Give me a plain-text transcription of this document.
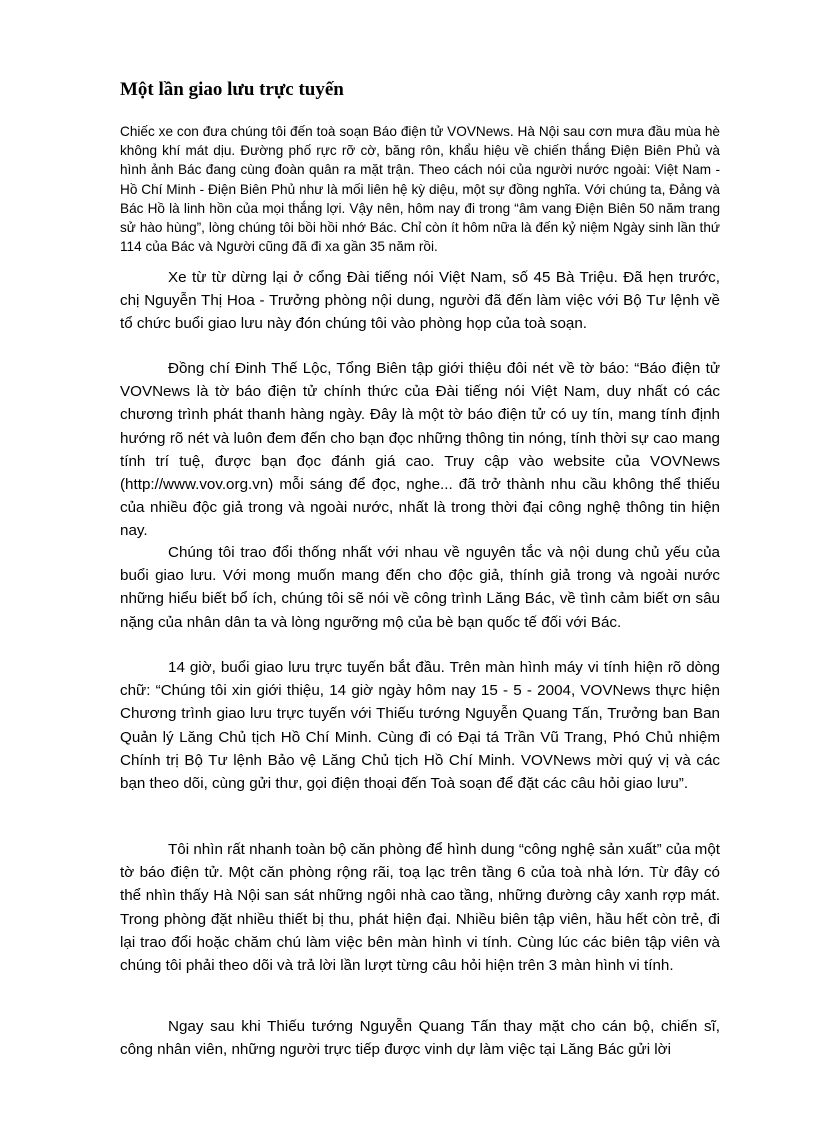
Một lần giao lưu trực tuyến

Chiếc xe con đưa chúng tôi đến toà soạn Báo điện tử VOVNews. Hà Nội sau cơn mưa đầu mùa hè không khí mát dịu. Đường phố rực rỡ cờ, băng rôn, khẩu hiệu về chiến thắng Điện Biên Phủ và hình ảnh Bác đang cùng đoàn quân ra mặt trận. Theo cách nói của người nước ngoài: Việt Nam - Hồ Chí Minh - Điện Biên Phủ như là mối liên hệ kỳ diệu, một sự đồng nghĩa. Với chúng ta, Đảng và Bác Hồ là linh hồn của mọi thắng lợi. Vậy nên, hôm nay đi trong “âm vang Điện Biên 50 năm trang sử hào hùng”, lòng chúng tôi bồi hồi nhớ Bác. Chỉ còn ít hôm nữa là đến kỷ niệm Ngày sinh lần thứ 114 của Bác và Người cũng đã đi xa gần 35 năm rồi.

Xe từ từ dừng lại ở cổng Đài tiếng nói Việt Nam, số 45 Bà Triệu. Đã hẹn trước, chị Nguyễn Thị Hoa - Trưởng phòng nội dung, người đã đến làm việc với Bộ Tư lệnh về tổ chức buổi giao lưu này đón chúng tôi vào phòng họp của toà soạn.

Đồng chí Đinh Thế Lộc, Tổng Biên tập giới thiệu đôi nét về tờ báo: “Báo điện tử VOVNews là tờ báo điện tử chính thức của Đài tiếng nói Việt Nam, duy nhất có các chương trình phát thanh hàng ngày. Đây là một tờ báo điện tử có uy tín, mang tính định hướng rõ nét và luôn đem đến cho bạn đọc những thông tin nóng, tính thời sự cao mang tính trí tuệ, được bạn đọc đánh giá cao. Truy cập vào website của VOVNews (http://www.vov.org.vn) mỗi sáng để đọc, nghe... đã trở thành nhu cầu không thể thiếu của nhiều độc giả trong và ngoài nước, nhất là trong thời đại công nghệ thông tin hiện nay.

Chúng tôi trao đổi thống nhất với nhau về nguyên tắc và nội dung chủ yếu của buổi giao lưu. Với mong muốn mang đến cho độc giả, thính giả trong và ngoài nước những hiểu biết bổ ích, chúng tôi sẽ nói về công trình Lăng Bác, về tình cảm biết ơn sâu nặng của nhân dân ta và lòng ngưỡng mộ của bè bạn quốc tế đối với Bác.

14 giờ, buổi giao lưu trực tuyến bắt đầu. Trên màn hình máy vi tính hiện rõ dòng chữ: “Chúng tôi xin giới thiệu, 14 giờ ngày hôm nay 15 - 5 - 2004, VOVNews thực hiện Chương trình giao lưu trực tuyến với Thiếu tướng Nguyễn Quang Tấn, Trưởng ban Ban Quản lý Lăng Chủ tịch Hồ Chí Minh. Cùng đi có Đại tá Trần Vũ Trang, Phó Chủ nhiệm Chính trị Bộ Tư lệnh Bảo vệ Lăng Chủ tịch Hồ Chí Minh. VOVNews mời quý vị và các bạn theo dõi, cùng gửi thư, gọi điện thoại đến Toà soạn để đặt các câu hỏi giao lưu”.

Tôi nhìn rất nhanh toàn bộ căn phòng để hình dung “công nghệ sản xuất” của một tờ báo điện tử. Một căn phòng rộng rãi, toạ lạc trên tầng 6 của toà nhà lớn. Từ đây có thể nhìn thấy Hà Nội san sát những ngôi nhà cao tầng, những đường cây xanh rợp mát. Trong phòng đặt nhiều thiết bị thu, phát hiện đại. Nhiều biên tập viên, hầu hết còn trẻ, đi lại trao đổi hoặc chăm chú làm việc bên màn hình vi tính. Cùng lúc các biên tập viên và chúng tôi phải theo dõi và trả lời lần lượt từng câu hỏi hiện trên 3 màn hình vi tính.

Ngay sau khi Thiếu tướng Nguyễn Quang Tấn thay mặt cho cán bộ, chiến sĩ, công nhân viên, những người trực tiếp được vinh dự làm việc tại Lăng Bác gửi lời
